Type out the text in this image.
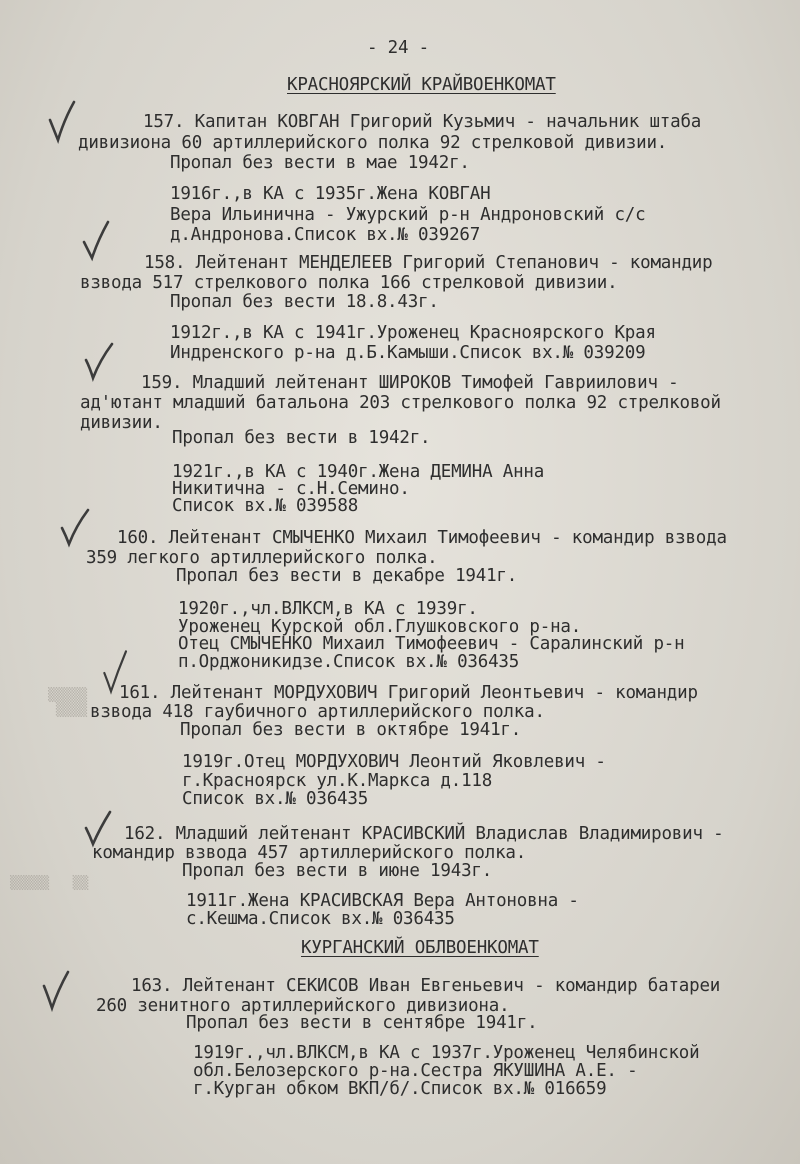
- 24 -
КРАСНОЯРСКИЙ КРАЙВОЕНКОМАТ
157. Капитан КОВГАН Григорий Кузьмич - начальник штаба
дивизиона 60 артиллерийского полка 92 стрелковой дивизии.
Пропал без вести в мае 1942г.
1916г.,в КА с 1935г.Жена КОВГАН
Вера Ильинична - Ужурский р-н Андроновский с/с
д.Андронова.Список вх.№ 039267
158. Лейтенант МЕНДЕЛЕЕВ Григорий Степанович - командир
взвода 517 стрелкового полка 166 стрелковой дивизии.
Пропал без вести 18.8.43г.
1912г.,в КА с 1941г.Уроженец Красноярского Края
Индренского р-на д.Б.Камыши.Список вх.№ 039209
159. Младший лейтенант ШИРОКОВ Тимофей Гавриилович -
ад'ютант младший батальона 203 стрелкового полка 92 стрелковой
дивизии.
Пропал без вести в 1942г.
1921г.,в КА с 1940г.Жена ДЕМИНА Анна
Никитична - с.Н.Семино.
Список вх.№ 039588
160. Лейтенант СМЫЧЕНКО Михаил Тимофеевич - командир взвода
359 легкого артиллерийского полка.
Пропал без вести в декабре 1941г.
1920г.,чл.ВЛКСМ,в КА с 1939г.
Уроженец Курской обл.Глушковского р-на.
Отец СМЫЧЕНКО Михаил Тимофеевич - Саралинский р-н
п.Орджоникидзе.Список вх.№ 036435
161. Лейтенант МОРДУХОВИЧ Григорий Леонтьевич - командир
взвода 418 гаубичного артиллерийского полка.
Пропал без вести в октябре 1941г.
1919г.Отец МОРДУХОВИЧ Леонтий Яковлевич -
г.Красноярск ул.К.Маркса д.118
Список вх.№ 036435
162. Младший лейтенант КРАСИВСКИЙ Владислав Владимирович -
командир взвода 457 артиллерийского полка.
Пропал без вести в июне 1943г.
1911г.Жена КРАСИВСКАЯ Вера Антоновна -
с.Кешма.Список вх.№ 036435
КУРГАНСКИЙ ОБЛВОЕНКОМАТ
163. Лейтенант СЕКИСОВ Иван Евгеньевич - командир батареи
260 зенитного артиллерийского дивизиона.
Пропал без вести в сентябре 1941г.
1919г.,чл.ВЛКСМ,в КА с 1937г.Уроженец Челябинской
обл.Белозерского р-на.Сестра ЯКУШИНА А.Е. -
г.Курган обком ВКП/б/.Список вх.№ 016659
▒▒▒▒▒
▒▒▒▒
▒▒▒▒▒   ▒▒
